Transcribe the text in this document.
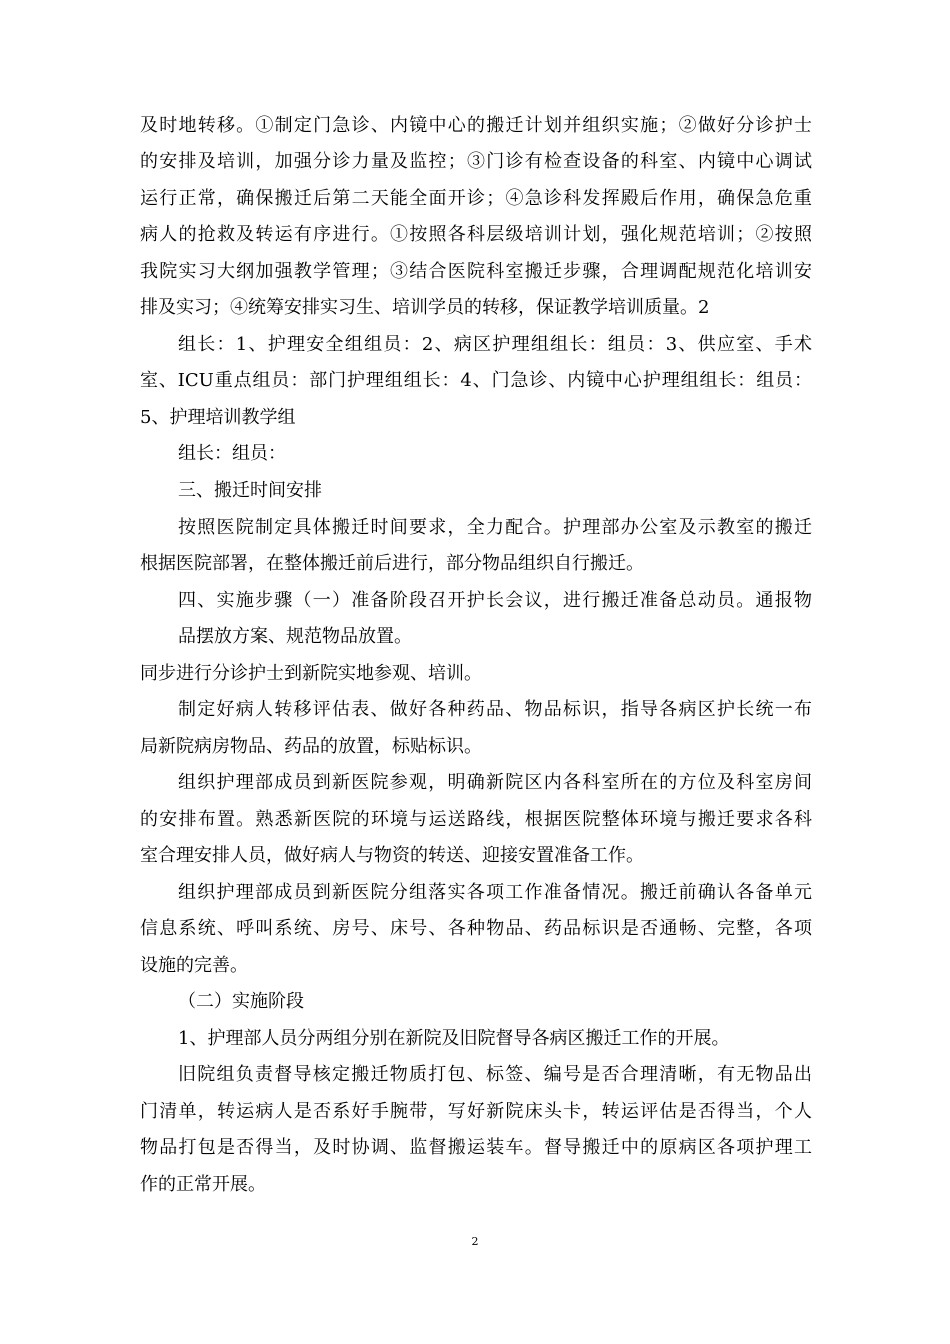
及时地转移。①制定门急诊、内镜中心的搬迁计划并组织实施；②做好分诊护士
的安排及培训，加强分诊力量及监控；③门诊有检查设备的科室、内镜中心调试
运行正常，确保搬迁后第二天能全面开诊；④急诊科发挥殿后作用，确保急危重
病人的抢救及转运有序进行。①按照各科层级培训计划，强化规范培训；②按照
我院实习大纲加强教学管理；③结合医院科室搬迁步骤，合理调配规范化培训安
排及实习；④统筹安排实习生、培训学员的转移，保证教学培训质量。2
组长：1、护理安全组组员：2、病区护理组组长：组员：3、供应室、手术
室、ICU重点组员：部门护理组组长：4、门急诊、内镜中心护理组组长：组员：
5、护理培训教学组
组长：组员：
三、搬迁时间安排
按照医院制定具体搬迁时间要求，全力配合。护理部办公室及示教室的搬迁
根据医院部署，在整体搬迁前后进行，部分物品组织自行搬迁。
四、实施步骤（一）准备阶段召开护长会议，进行搬迁准备总动员。通报物
品摆放方案、规范物品放置。
同步进行分诊护士到新院实地参观、培训。
制定好病人转移评估表、做好各种药品、物品标识，指导各病区护长统一布
局新院病房物品、药品的放置，标贴标识。
组织护理部成员到新医院参观，明确新院区内各科室所在的方位及科室房间
的安排布置。熟悉新医院的环境与运送路线，根据医院整体环境与搬迁要求各科
室合理安排人员，做好病人与物资的转送、迎接安置准备工作。
组织护理部成员到新医院分组落实各项工作准备情况。搬迁前确认各备单元
信息系统、呼叫系统、房号、床号、各种物品、药品标识是否通畅、完整，各项
设施的完善。
（二）实施阶段
1、护理部人员分两组分别在新院及旧院督导各病区搬迁工作的开展。
旧院组负责督导核定搬迁物质打包、标签、编号是否合理清晰，有无物品出
门清单，转运病人是否系好手腕带，写好新院床头卡，转运评估是否得当，个人
物品打包是否得当，及时协调、监督搬运装车。督导搬迁中的原病区各项护理工
作的正常开展。
2
